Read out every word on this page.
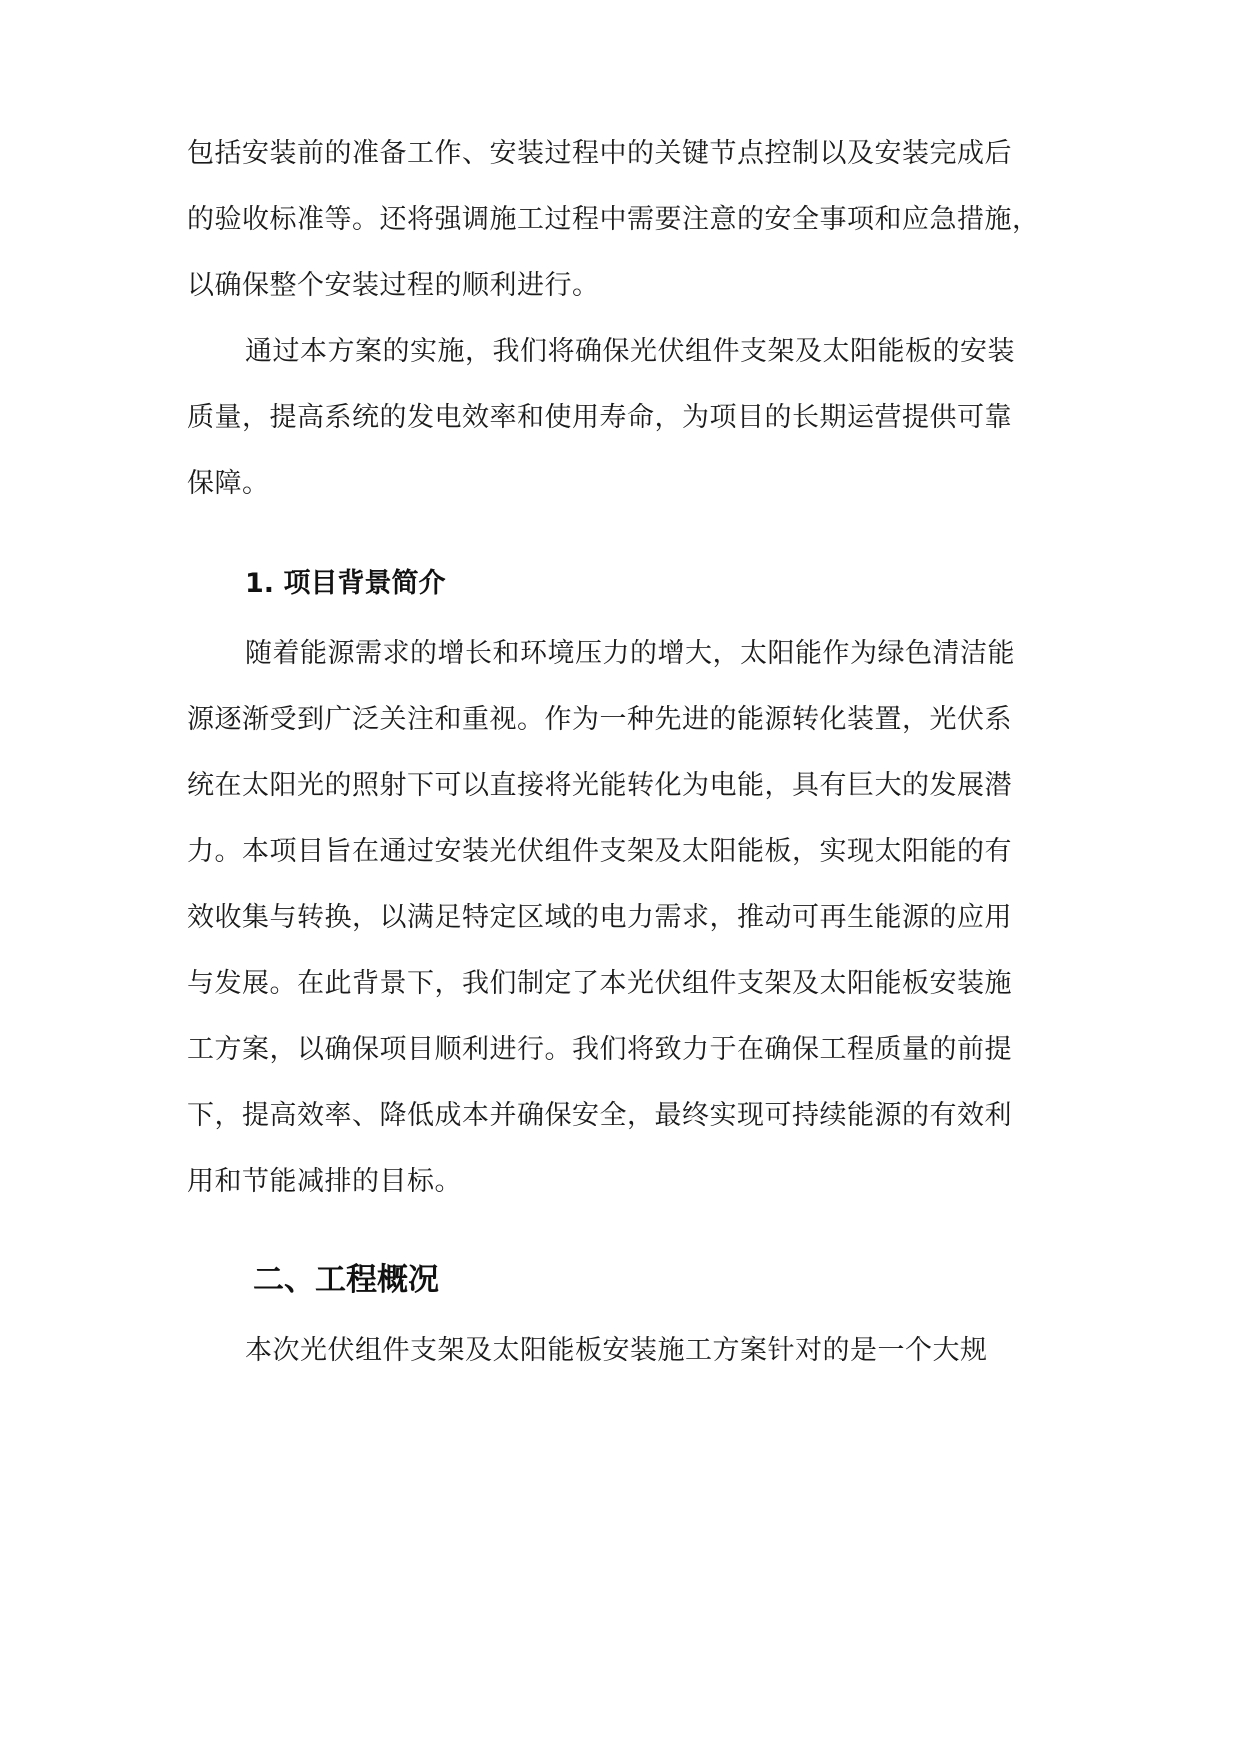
包括安装前的准备工作、安装过程中的关键节点控制以及安装完成后
的验收标准等。还将强调施工过程中需要注意的安全事项和应急措施，
以确保整个安装过程的顺利进行。
通过本方案的实施，我们将确保光伏组件支架及太阳能板的安装
质量，提高系统的发电效率和使用寿命，为项目的长期运营提供可靠
保障。
1. 项目背景简介
随着能源需求的增长和环境压力的增大，太阳能作为绿色清洁能
源逐渐受到广泛关注和重视。作为一种先进的能源转化装置，光伏系
统在太阳光的照射下可以直接将光能转化为电能，具有巨大的发展潜
力。本项目旨在通过安装光伏组件支架及太阳能板，实现太阳能的有
效收集与转换，以满足特定区域的电力需求，推动可再生能源的应用
与发展。在此背景下，我们制定了本光伏组件支架及太阳能板安装施
工方案，以确保项目顺利进行。我们将致力于在确保工程质量的前提
下，提高效率、降低成本并确保安全，最终实现可持续能源的有效利
用和节能减排的目标。
二、工程概况
本次光伏组件支架及太阳能板安装施工方案针对的是一个大规
